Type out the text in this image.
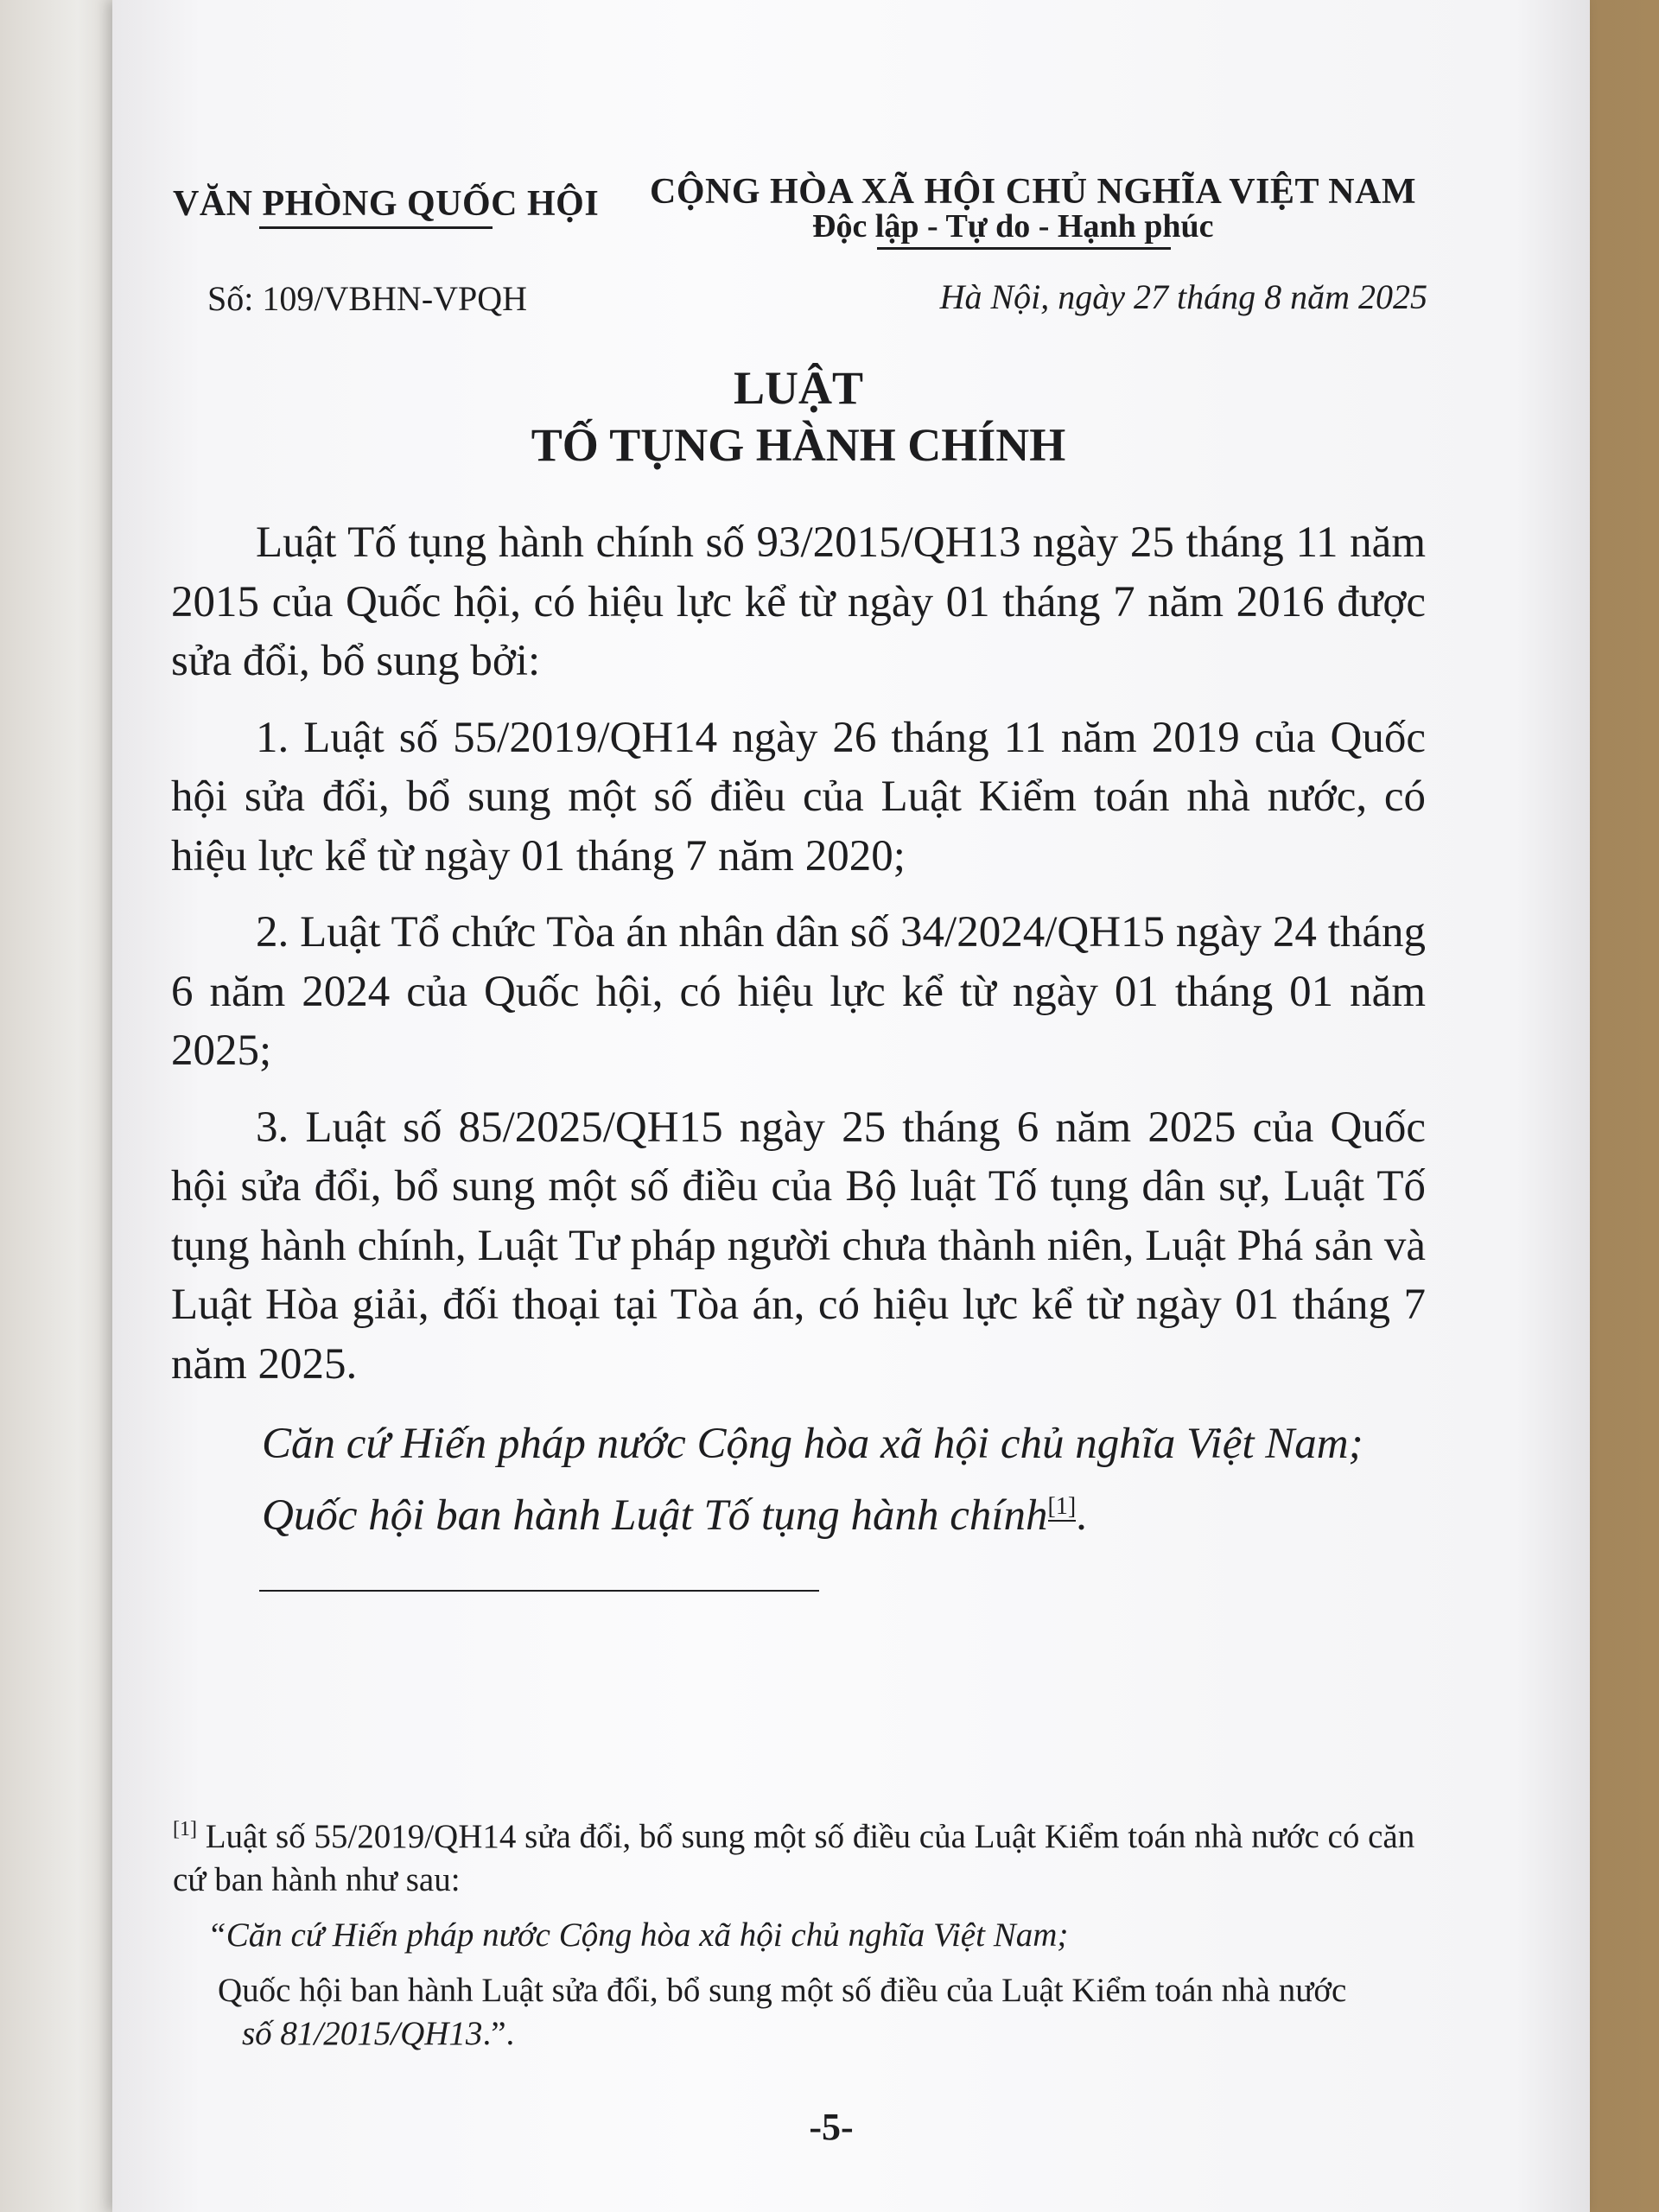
VĂN PHÒNG QUỐC HỘI CỘNG HÒA XÃ HỘI CHỦ NGHĨA VIỆT NAM
Độc lập - Tự do - Hạnh phúc
Số: 109/VBHN-VPQH	Hà Nội, ngày 27 tháng 8 năm 2025
LUẬT
TỐ TỤNG HÀNH CHÍNH

Luật Tố tụng hành chính số 93/2015/QH13 ngày 25 tháng 11 năm 2015 của Quốc hội, có hiệu lực kể từ ngày 01 tháng 7 năm 2016 được sửa đổi, bổ sung bởi:

1. Luật số 55/2019/QH14 ngày 26 tháng 11 năm 2019 của Quốc hội sửa đổi, bổ sung một số điều của Luật Kiểm toán nhà nước, có hiệu lực kể từ ngày 01 tháng 7 năm 2020;

2. Luật Tổ chức Tòa án nhân dân số 34/2024/QH15 ngày 24 tháng 6 năm 2024 của Quốc hội, có hiệu lực kể từ ngày 01 tháng 01 năm 2025;

3. Luật số 85/2025/QH15 ngày 25 tháng 6 năm 2025 của Quốc hội sửa đổi, bổ sung một số điều của Bộ luật Tố tụng dân sự, Luật Tố tụng hành chính, Luật Tư pháp người chưa thành niên, Luật Phá sản và Luật Hòa giải, đối thoại tại Tòa án, có hiệu lực kể từ ngày 01 tháng 7 năm 2025.

Căn cứ Hiến pháp nước Cộng hòa xã hội chủ nghĩa Việt Nam;

Quốc hội ban hành Luật Tố tụng hành chính[1].

[1] Luật số 55/2019/QH14 sửa đổi, bổ sung một số điều của Luật Kiểm toán nhà nước có căn cứ ban hành như sau:

“Căn cứ Hiến pháp nước Cộng hòa xã hội chủ nghĩa Việt Nam;

Quốc hội ban hành Luật sửa đổi, bổ sung một số điều của Luật Kiểm toán nhà nước

số 81/2015/QH13.”.

-5-
